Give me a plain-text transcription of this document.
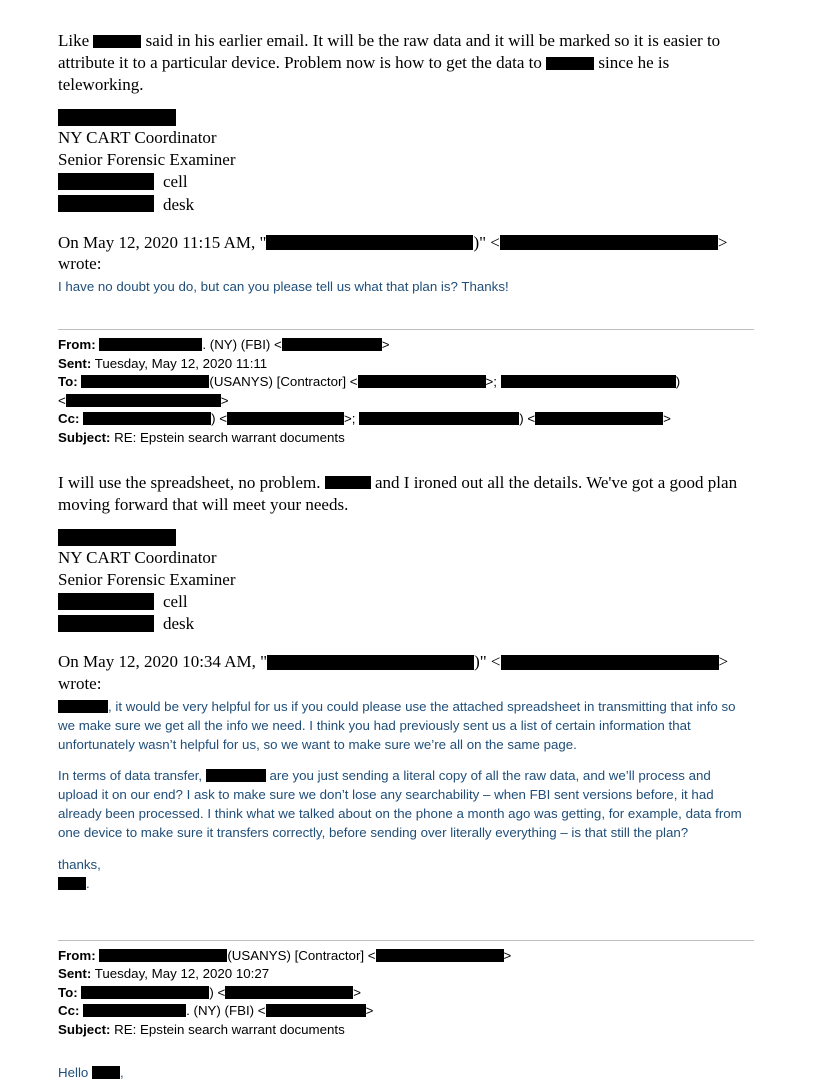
Like	said in his earlier email. It will be the raw data and it will be marked so it is easier to attribute it to a particular device. Problem now is how to get the data to	since he is teleworking.
NY CART Coordinator
Senior Forensic Examiner
cell
desk
On May 12, 2020 11:15 AM, "	)" <	>
wrote:
I have no doubt you do, but can you please tell us what that plan is? Thanks!
From:	. (NY) (FBI) <	>
Sent: Tuesday, May 12, 2020 11:11
To:	(USANYS) [Contractor] <	>;	)
<	>
Cc:	) <	>;	) <	>
Subject: RE: Epstein search warrant documents
I will use the spreadsheet, no problem.	and I ironed out all the details. We've got a good plan moving forward that will meet your needs.
NY CART Coordinator
Senior Forensic Examiner
cell
desk
On May 12, 2020 10:34 AM, "	)" <	>
wrote:
, it would be very helpful for us if you could please use the attached spreadsheet in transmitting that info so we make sure we get all the info we need. I think you had previously sent us a list of certain information that unfortunately wasn’t helpful for us, so we want to make sure we’re all on the same page.
In terms of data transfer,	are you just sending a literal copy of all the raw data, and we’ll process and upload it on our end? I ask to make sure we don’t lose any searchability – when FBI sent versions before, it had already been processed. I think what we talked about on the phone a month ago was getting, for example, data from one device to make sure it transfers correctly, before sending over literally everything – is that still the plan?
thanks,
.
From:	(USANYS) [Contractor] <	>
Sent: Tuesday, May 12, 2020 10:27
To:	) <	>
Cc:	. (NY) (FBI) <	>
Subject: RE: Epstein search warrant documents
Hello ,
